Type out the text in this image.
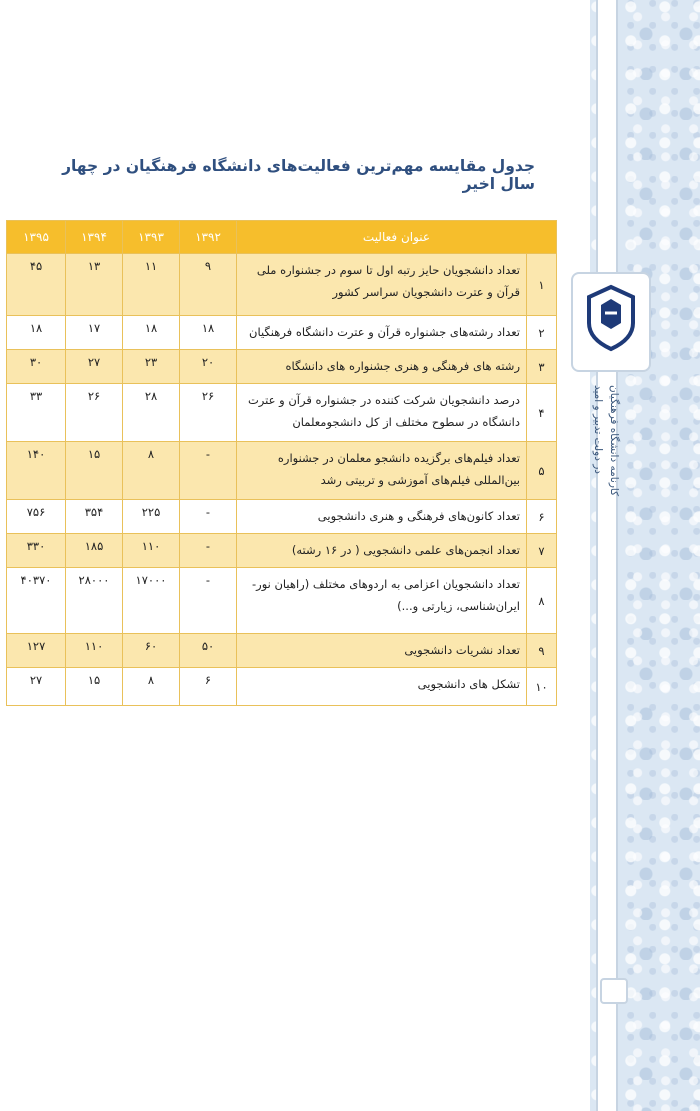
کارنامه دانشگاه فرهنگیان
در دولت تدبیر و امید
جدول مقایسه مهم‌ترین فعالیت‌های دانشگاه فرهنگیان در چهار سال اخیر
عنوان فعالیت		۱۳۹۲	۱۳۹۳	۱۳۹۴	۱۳۹۵
۱	تعداد دانشجویان حایز رتبه اول تا سوم در جشنواره ملی قرآن و عترت دانشجویان سراسر کشور	۹	۱۱	۱۳	۴۵
۲	تعداد رشته‌های جشنواره قرآن و عترت دانشگاه فرهنگیان	۱۸	۱۸	۱۷	۱۸
۳	رشته های فرهنگی و هنری جشنواره های دانشگاه	۲۰	۲۳	۲۷	۳۰
۴	درصد دانشجویان شرکت کننده در جشنواره قرآن و عترت دانشگاه در سطوح مختلف از کل دانشجومعلمان	۲۶	۲۸	۲۶	۳۳
۵	تعداد فیلم‌های برگزیده دانشجو معلمان در جشنواره بین‌المللی فیلم‌های آموزشی و تربیتی رشد	-	۸	۱۵	۱۴۰
۶	تعداد کانون‌های فرهنگی و هنری دانشجویی	-	۲۲۵	۳۵۴	۷۵۶
۷	تعداد انجمن‌های علمی دانشجویی ( در ۱۶ رشته)	-	۱۱۰	۱۸۵	۳۳۰
۸	تعداد دانشجویان اعزامی به اردوهای مختلف (راهیان نور- ایران‌شناسی، زیارتی و...)	-	۱۷۰۰۰	۲۸۰۰۰	۴۰۳۷۰
۹	تعداد نشریات دانشجویی	۵۰	۶۰	۱۱۰	۱۲۷
۱۰	تشکل های دانشجویی	۶	۸	۱۵	۲۷
